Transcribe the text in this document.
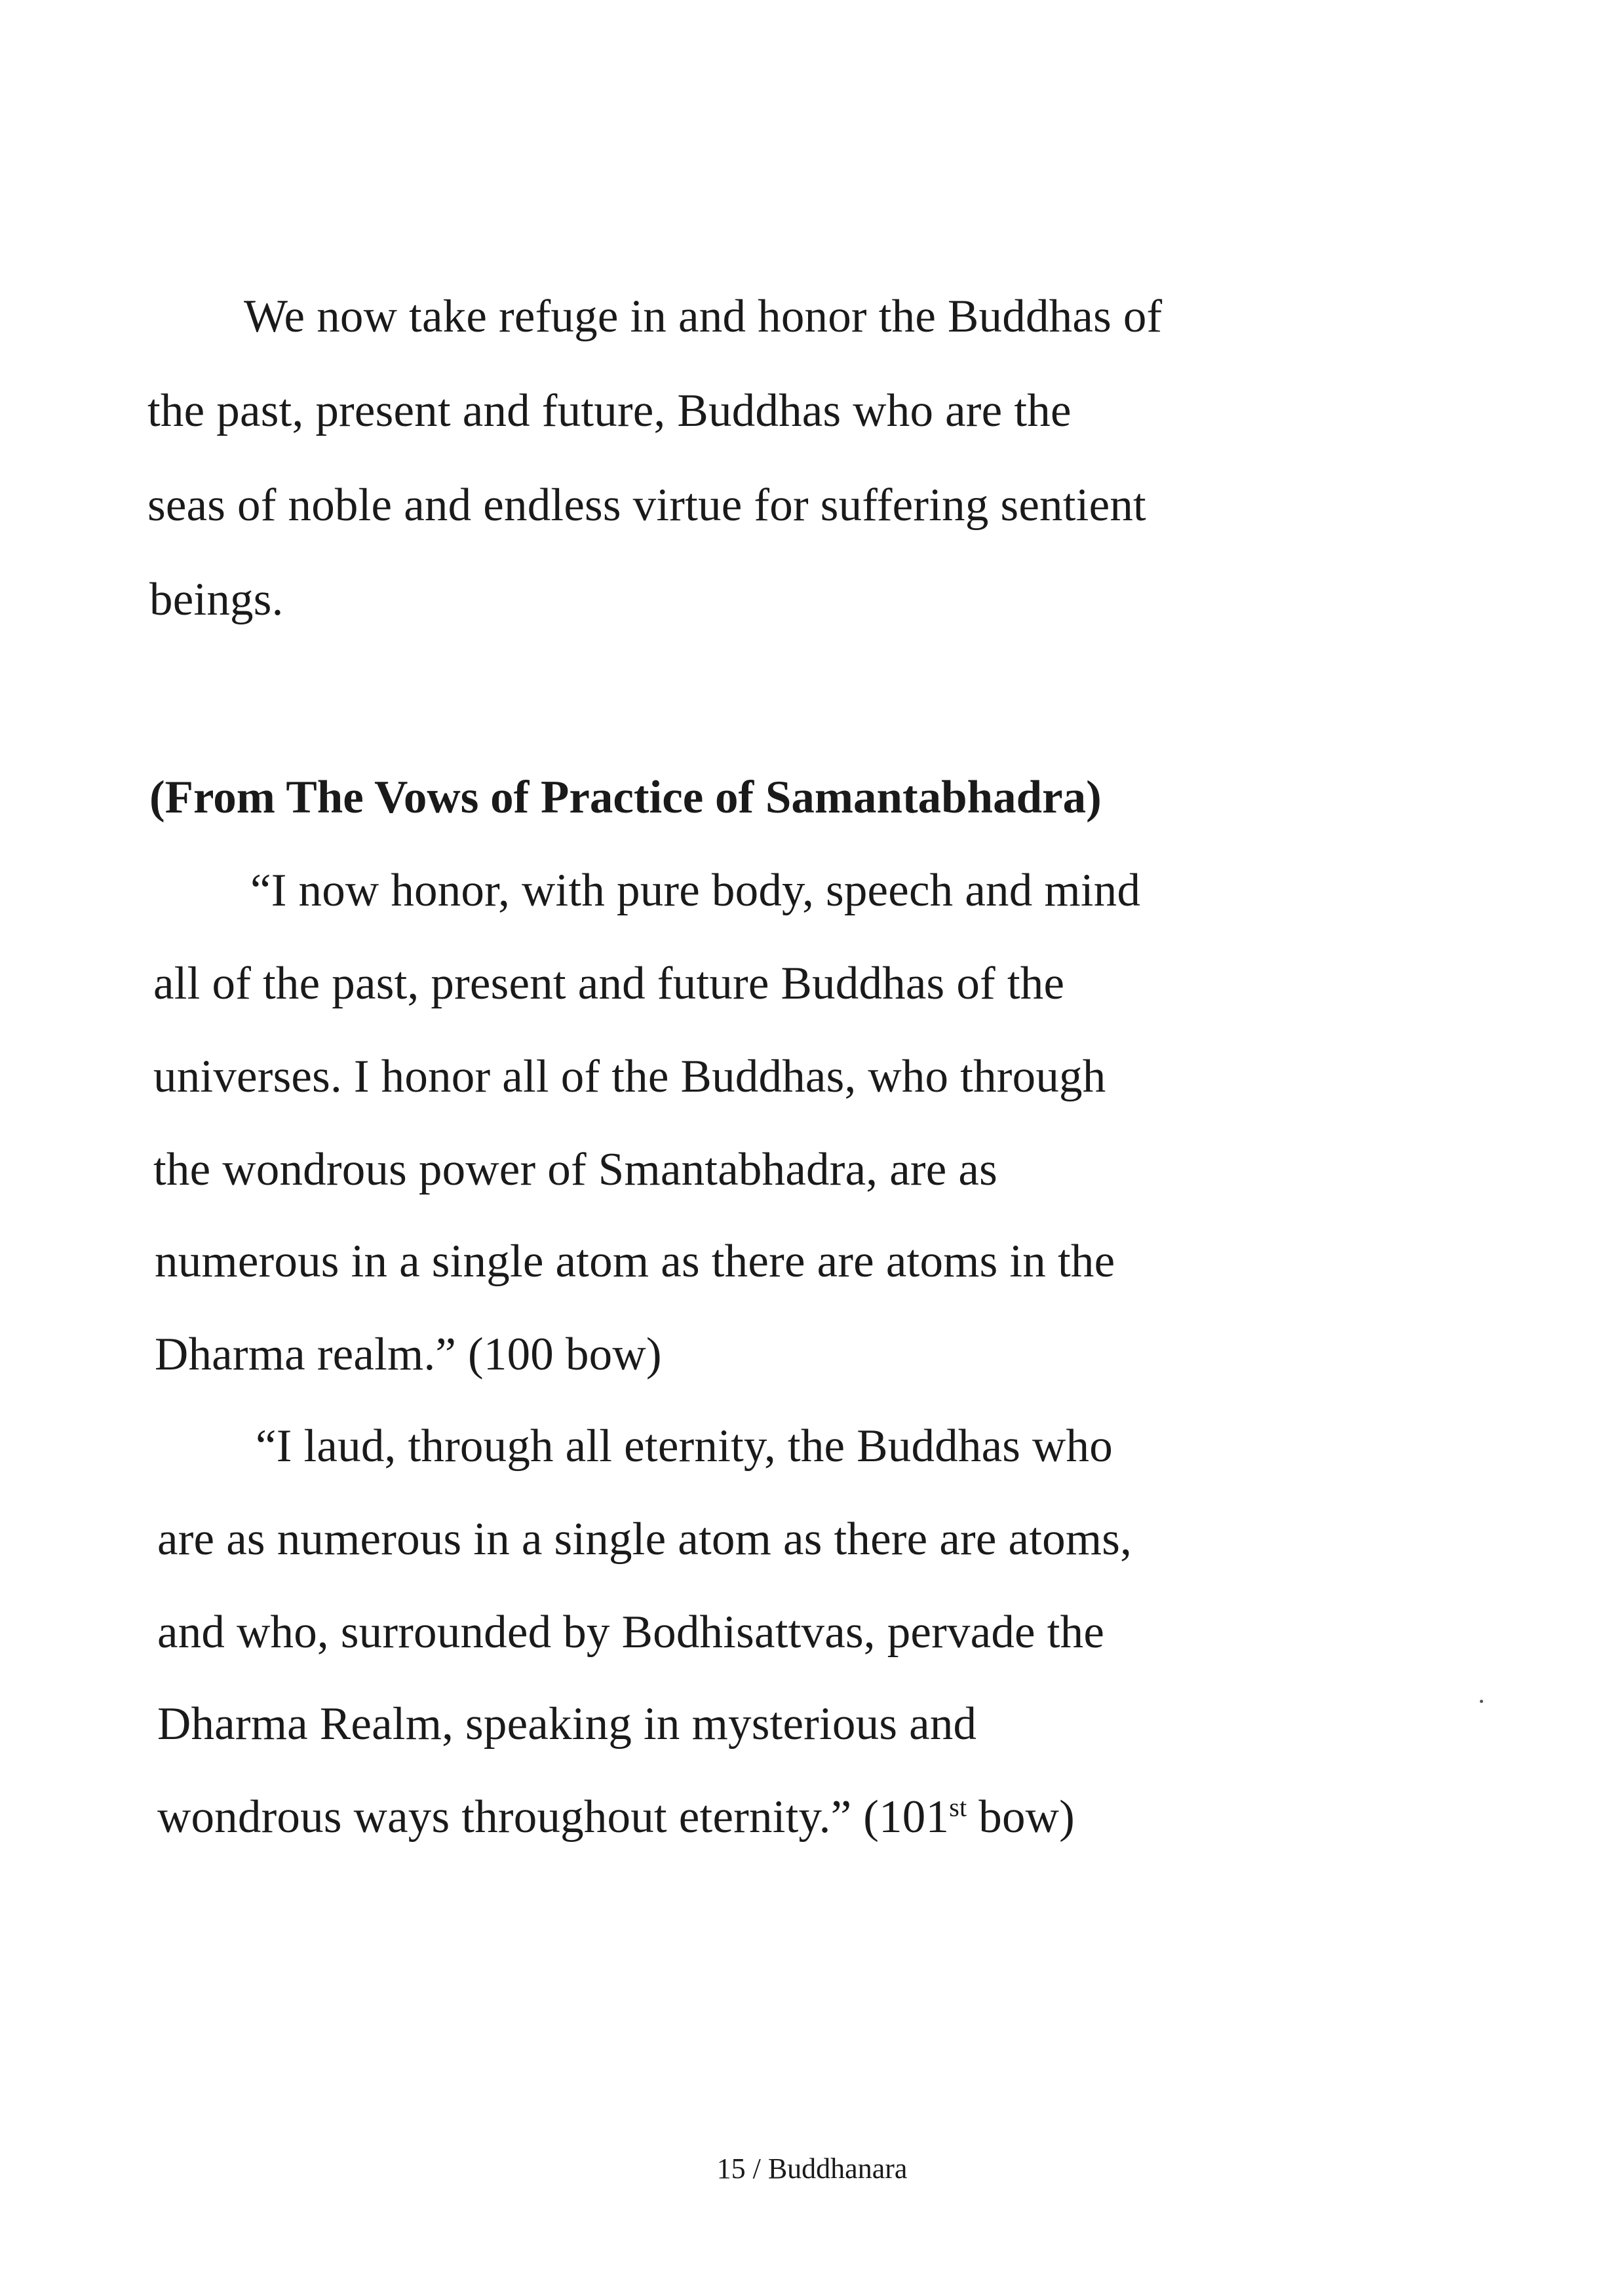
We now take refuge in and honor the Buddhas of
the past, present and future, Buddhas who are the
seas of noble and endless virtue for suffering sentient
beings.
(From The Vows of Practice of Samantabhadra)
“I now honor, with pure body, speech and mind
all of the past, present and future Buddhas of the
universes. I honor all of the Buddhas, who through
the wondrous power of Smantabhadra, are as
numerous in a single atom as there are atoms in the
Dharma realm.” (100 bow)
“I laud, through all eternity, the Buddhas who
are as numerous in a single atom as there are atoms,
and who, surrounded by Bodhisattvas, pervade the
Dharma Realm, speaking in mysterious and
wondrous ways throughout eternity.” (101st bow)
15 / Buddhanara
